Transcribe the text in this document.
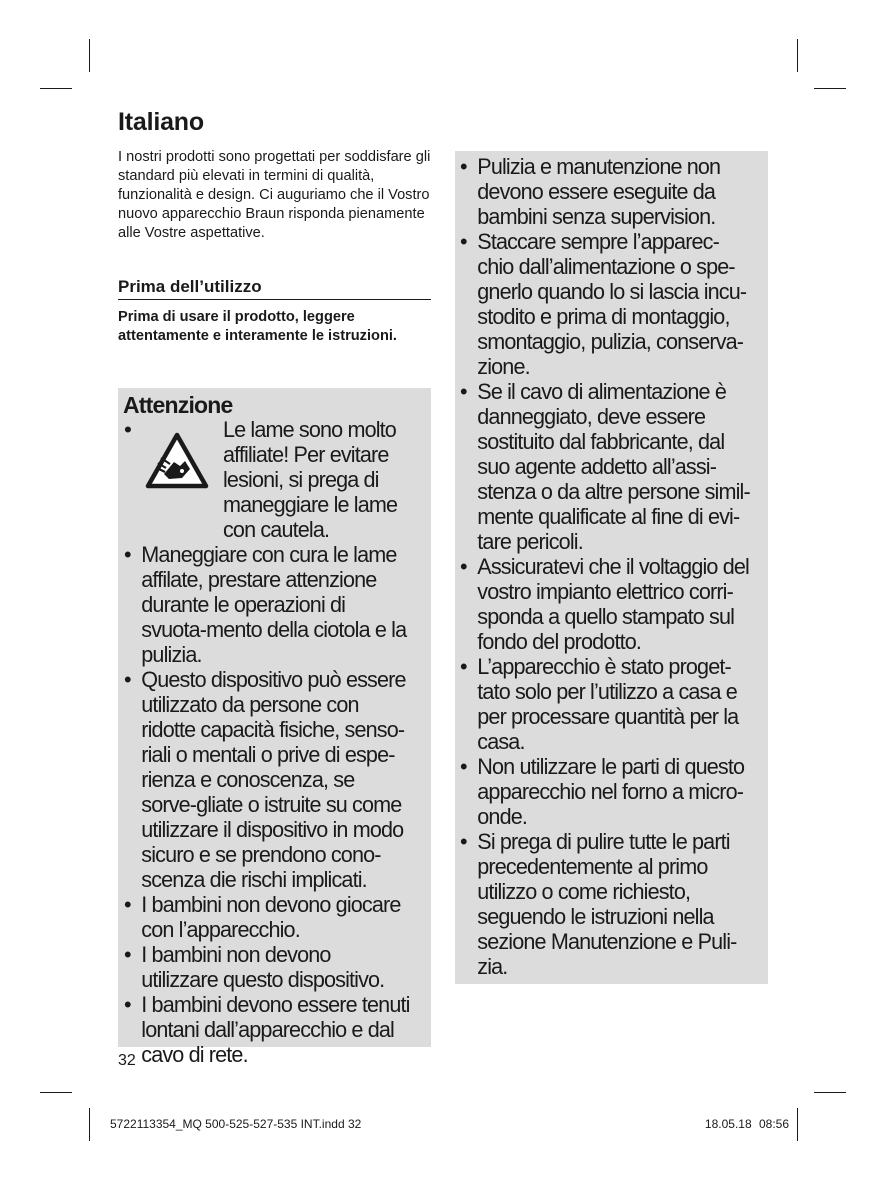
Italiano

I nostri prodotti sono progettati per soddisfare gli standard più elevati in termini di qualità, funzionalità e design. Ci auguriamo che il Vostro nuovo apparecchio Braun risponda pienamente alle Vostre aspettative.

Prima dell’utilizzo

Prima di usare il prodotto, leggere attentamente e interamente le istruzioni.

Attenzione
•	Le lame sono molto affiliate! Per evitare lesioni, si prega di maneggiare le lame con cautela.

• Maneggiare con cura le lame affilate, prestare attenzione durante le operazioni di svuota-mento della ciotola e la pulizia.
• Questo dispositivo può essere utilizzato da persone con ridotte capacità fisiche, senso-riali o mentali o prive di espe-rienza e conoscenza, se sorve-gliate o istruite su come utilizzare il dispositivo in modo sicuro e se prendono cono-scenza die rischi implicati.
• I bambini non devono giocare con l’apparecchio.
• I bambini non devono utilizzare questo dispositivo.
• I bambini devono essere tenuti lontani dall’apparecchio e dal cavo di rete.
• Pulizia e manutenzione non devono essere eseguite da bambini senza supervision.
• Staccare sempre l’apparec-chio dall’alimentazione o spe-gnerlo quando lo si lascia incu-stodito e prima di montaggio, smontaggio, pulizia, conserva-zione.
• Se il cavo di alimentazione è danneggiato, deve essere sostituito dal fabbricante, dal suo agente addetto all’assi-stenza o da altre persone simil-mente qualificate al fine di evi-tare pericoli.
• Assicuratevi che il voltaggio del vostro impianto elettrico corri-sponda a quello stampato sul fondo del prodotto.
• L’apparecchio è stato proget-tato solo per l’utilizzo a casa e per processare quantità per la casa.
• Non utilizzare le parti di questo apparecchio nel forno a micro-onde.
• Si prega di pulire tutte le parti precedentemente al primo utilizzo o come richiesto, seguendo le istruzioni nella sezione Manutenzione e Puli-zia.
32
5722113354_MQ 500-525-527-535 INT.indd 32	18.05.18 08:56
